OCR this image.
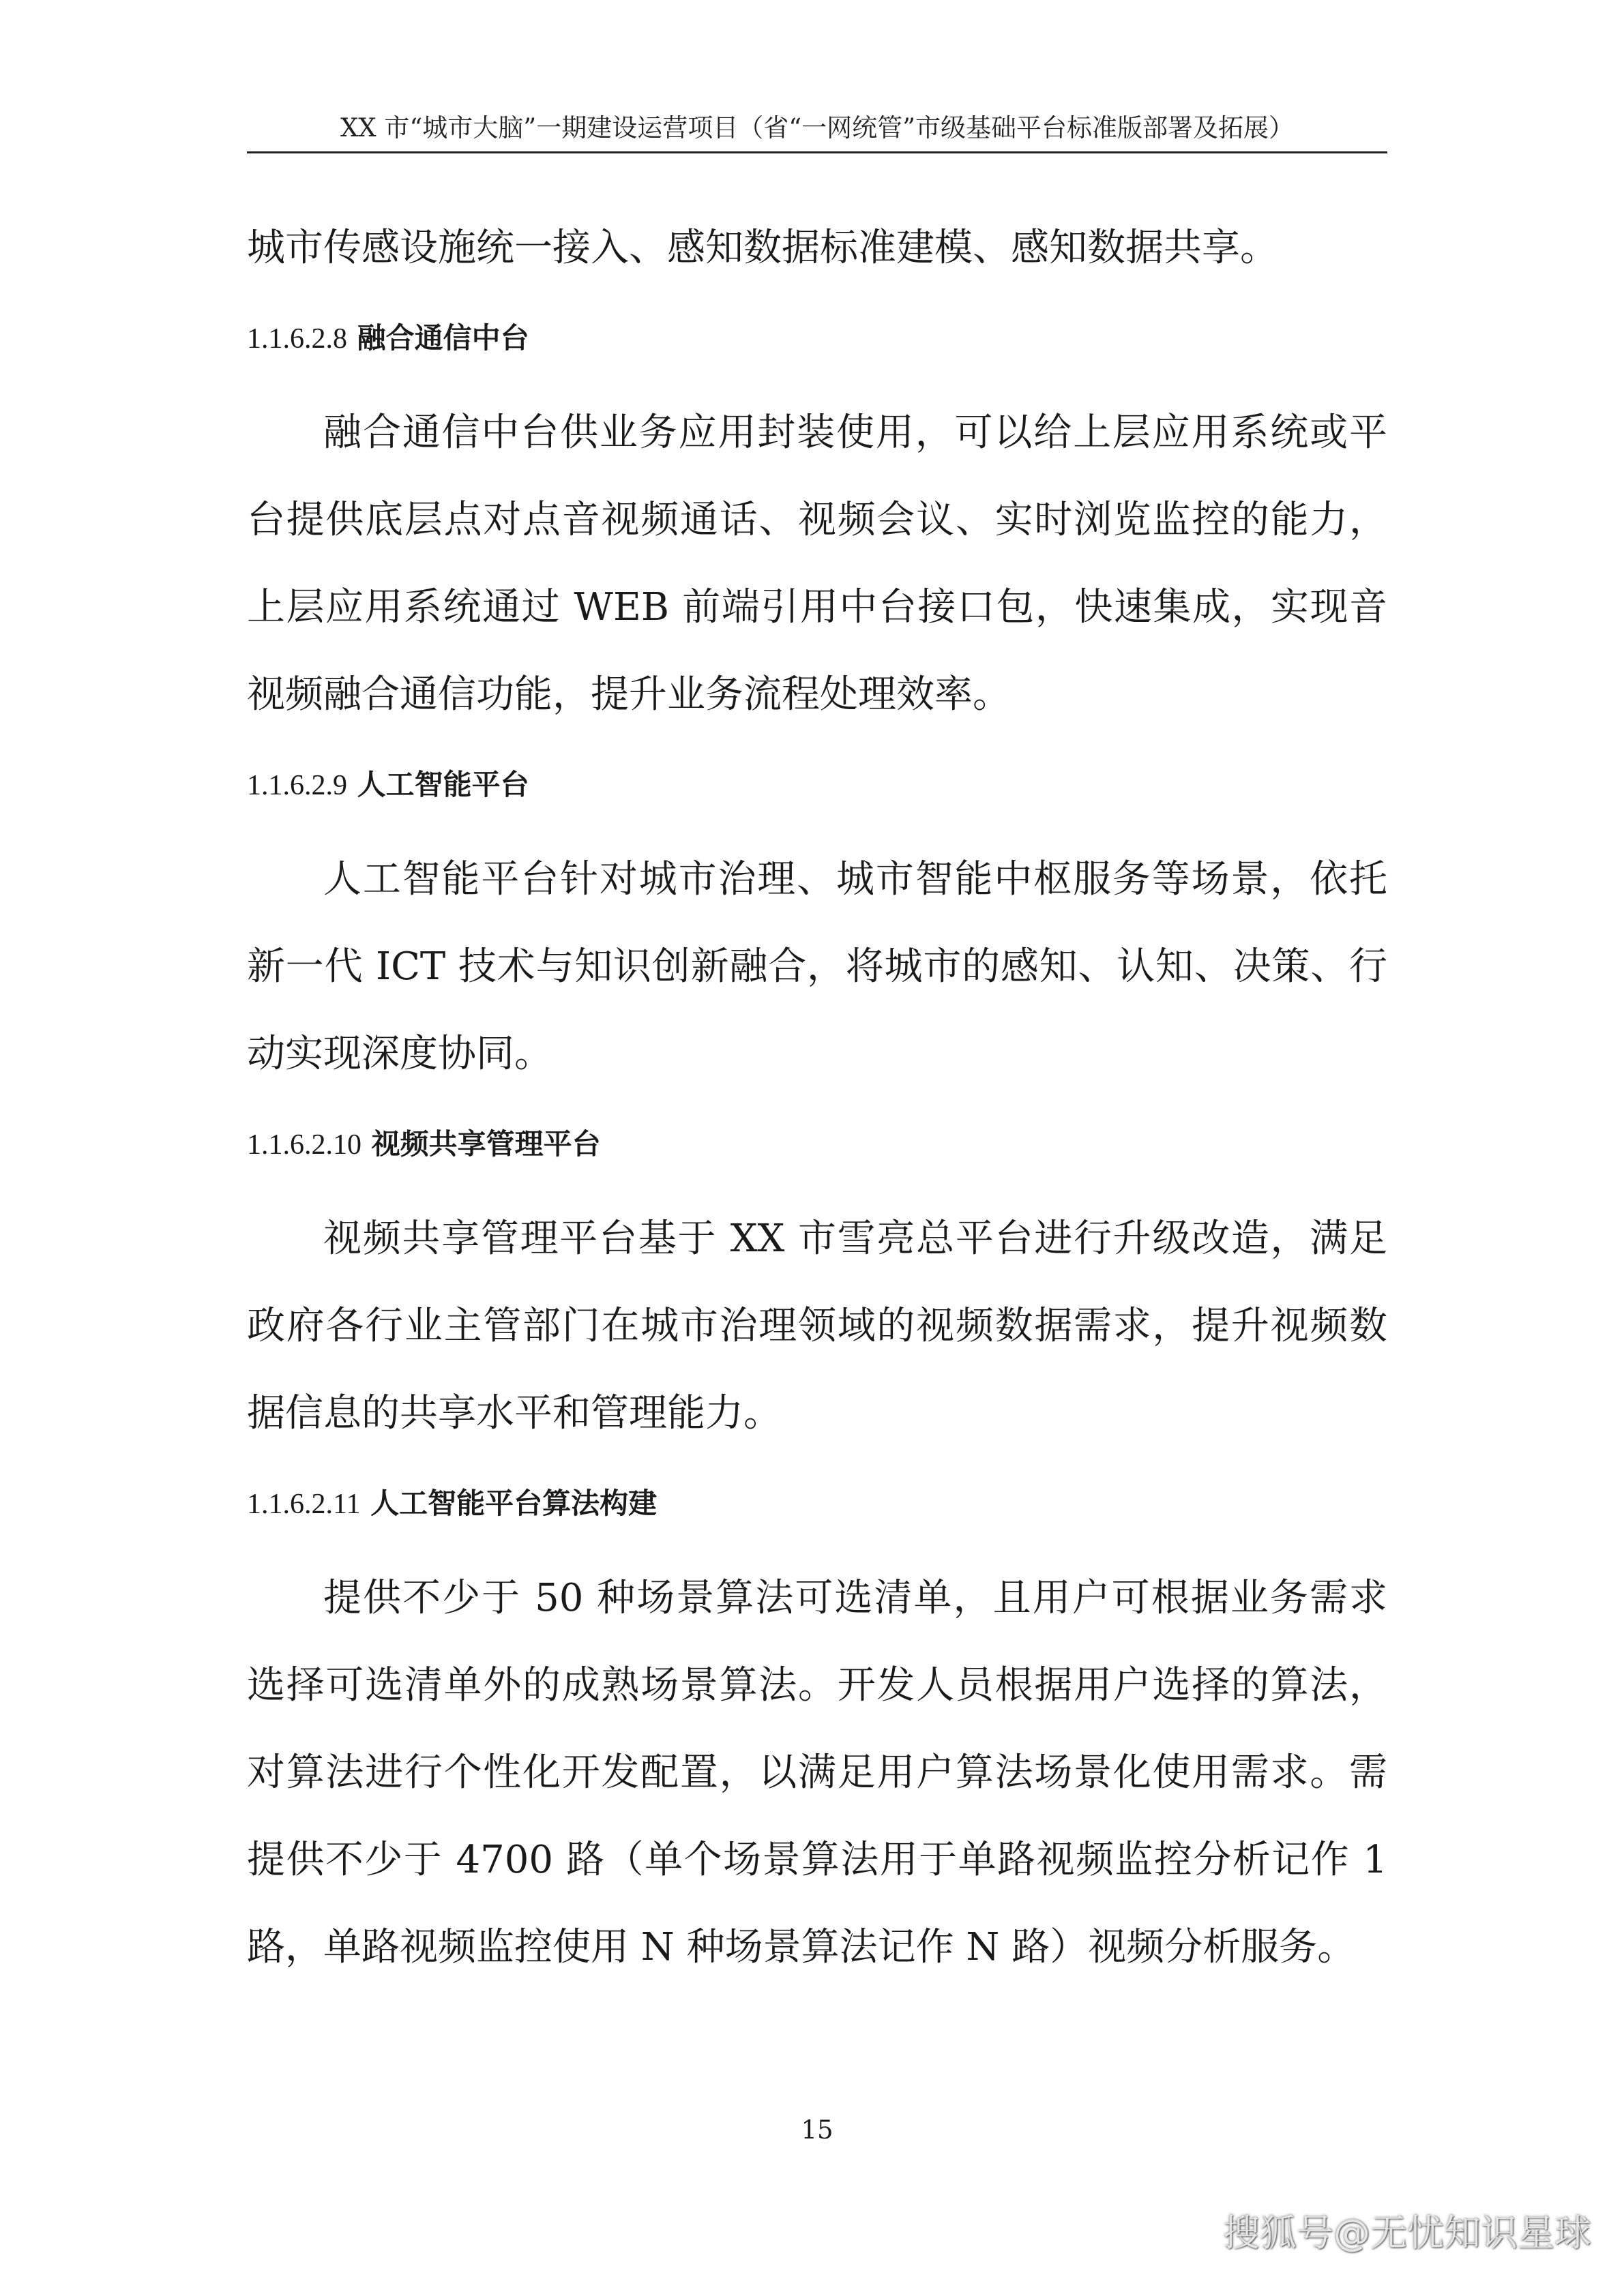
XX 市“城市大脑”一期建设运营项目（省“一网统管”市级基础平台标准版部署及拓展）

城市传感设施统一接入、感知数据标准建模、感知数据共享。

1.1.6.2.8 融合通信中台

融合通信中台供业务应用封装使用，可以给上层应用系统或平台提供底层点对点音视频通话、视频会议、实时浏览监控的能力，上层应用系统通过 WEB 前端引用中台接口包，快速集成，实现音视频融合通信功能，提升业务流程处理效率。

1.1.6.2.9 人工智能平台

人工智能平台针对城市治理、城市智能中枢服务等场景，依托新一代 ICT 技术与知识创新融合，将城市的感知、认知、决策、行动实现深度协同。

1.1.6.2.10 视频共享管理平台

视频共享管理平台基于 XX 市雪亮总平台进行升级改造，满足政府各行业主管部门在城市治理领域的视频数据需求，提升视频数据信息的共享水平和管理能力。

1.1.6.2.11 人工智能平台算法构建

提供不少于 50 种场景算法可选清单，且用户可根据业务需求选择可选清单外的成熟场景算法。开发人员根据用户选择的算法，对算法进行个性化开发配置，以满足用户算法场景化使用需求。需提供不少于 4700 路（单个场景算法用于单路视频监控分析记作 1 路，单路视频监控使用 N 种场景算法记作 N 路）视频分析服务。

15
搜狐号@无忧知识星球
